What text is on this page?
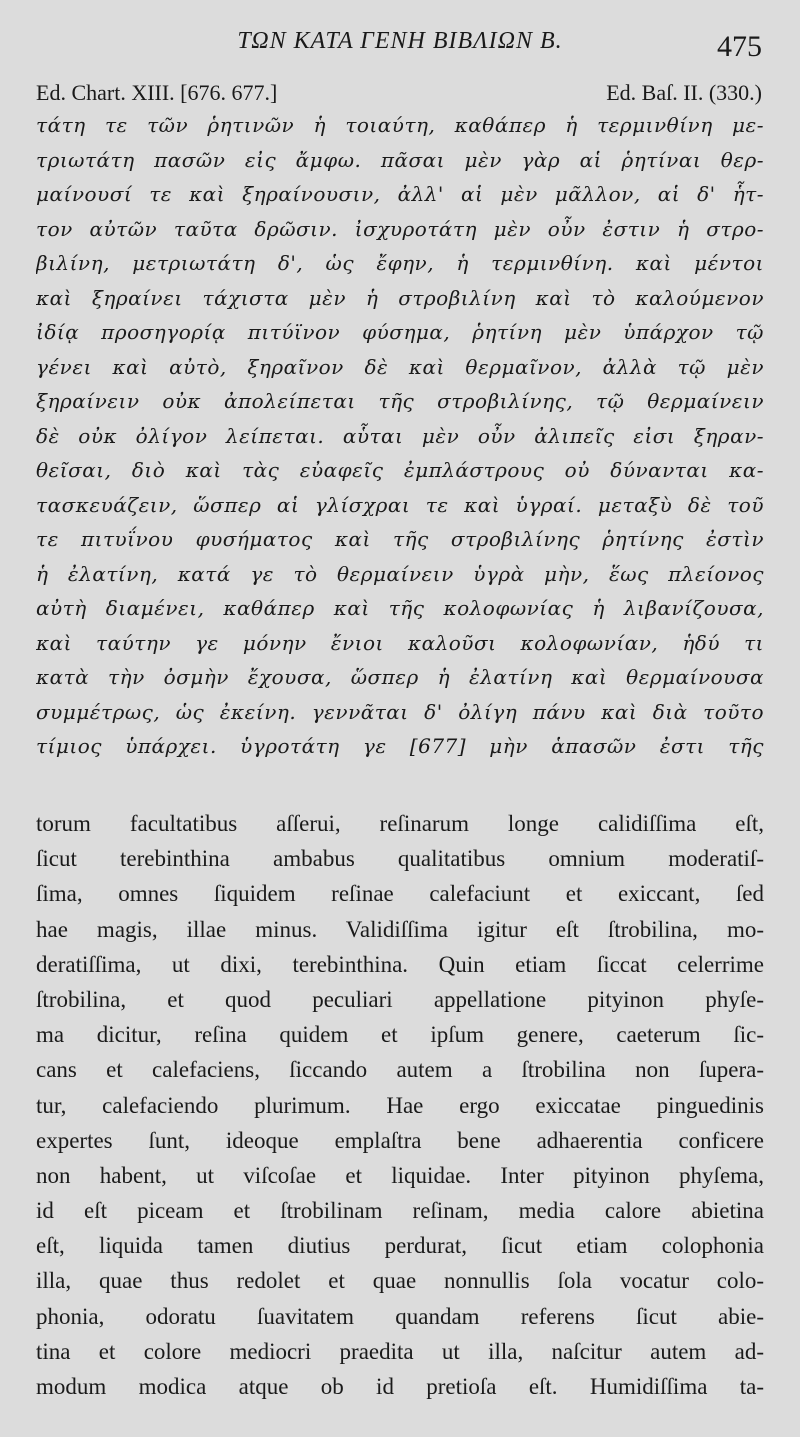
ΤΩΝ ΚΑΤΑ ΓΕΝΗ ΒΙΒΛΙΩΝ Β.	475
Ed. Chart. XIII. [676. 677.]	Ed. Baſ. II. (330.)
τάτη τε τῶν ῥητινῶν ἡ τοιαύτη, καθάπερ ἡ τερμινθίνη με-
τριωτάτη πασῶν εἰς ἄμφω. πᾶσαι μὲν γὰρ αἱ ῥητίναι θερ-
μαίνουσί τε καὶ ξηραίνουσιν, ἀλλ' αἱ μὲν μᾶλλον, αἱ δ' ἧτ-
τον αὐτῶν ταῦτα δρῶσιν. ἰσχυροτάτη μὲν οὖν ἐστιν ἡ στρο-
βιλίνη, μετριωτάτη δ', ὡς ἔφην, ἡ τερμινθίνη. καὶ μέντοι
καὶ ξηραίνει τάχιστα μὲν ἡ στροβιλίνη καὶ τὸ καλούμενον
ἰδίᾳ προσηγορίᾳ πιτύϊνον φύσημα, ῥητίνη μὲν ὑπάρχον τῷ
γένει καὶ αὐτὸ, ξηραῖνον δὲ καὶ θερμαῖνον, ἀλλὰ τῷ μὲν
ξηραίνειν οὐκ ἀπολείπεται τῆς στροβιλίνης, τῷ θερμαίνειν
δὲ οὐκ ὀλίγον λείπεται. αὗται μὲν οὖν ἀλιπεῖς εἰσι ξηραν-
θεῖσαι, διὸ καὶ τὰς εὐαφεῖς ἐμπλάστρους οὐ δύνανται κα-
τασκευάζειν, ὥσπερ αἱ γλίσχραι τε καὶ ὑγραί. μεταξὺ δὲ τοῦ
τε πιτυΐνου φυσήματος καὶ τῆς στροβιλίνης ῥητίνης ἐστὶν
ἡ ἐλατίνη, κατά γε τὸ θερμαίνειν ὑγρὰ μὴν, ἕως πλείονος
αὐτὴ διαμένει, καθάπερ καὶ τῆς κολοφωνίας ἡ λιβανίζουσα,
καὶ ταύτην γε μόνην ἔνιοι καλοῦσι κολοφωνίαν, ἡδύ τι
κατὰ τὴν ὀσμὴν ἔχουσα, ὥσπερ ἡ ἐλατίνη καὶ θερμαίνουσα
συμμέτρως, ὡς ἐκείνη. γεννᾶται δ' ὀλίγη πάνυ καὶ διὰ τοῦτο
τίμιος ὑπάρχει. ὑγροτάτη γε [677] μὴν ἁπασῶν ἐστι τῆς
torum facultatibus aſſerui, reſinarum longe calidiſſima eſt,
ſicut terebinthina ambabus qualitatibus omnium moderatiſ-
ſima, omnes ſiquidem reſinae calefaciunt et exiccant, ſed
hae magis, illae minus. Validiſſima igitur eſt ſtrobilina, mo-
deratiſſima, ut dixi, terebinthina. Quin etiam ſiccat celerrime
ſtrobilina, et quod peculiari appellatione pityinon phyſe-
ma dicitur, reſina quidem et ipſum genere, caeterum ſic-
cans et calefaciens, ſiccando autem a ſtrobilina non ſupera-
tur, calefaciendo plurimum. Hae ergo exiccatae pinguedinis
expertes ſunt, ideoque emplaſtra bene adhaerentia conficere
non habent, ut viſcoſae et liquidae. Inter pityinon phyſema,
id eſt piceam et ſtrobilinam reſinam, media calore abietina
eſt, liquida tamen diutius perdurat, ſicut etiam colophonia
illa, quae thus redolet et quae nonnullis ſola vocatur colo-
phonia, odoratu ſuavitatem quandam referens ſicut abie-
tina et colore mediocri praedita ut illa, naſcitur autem ad-
modum modica atque ob id pretioſa eſt. Humidiſſima ta-
